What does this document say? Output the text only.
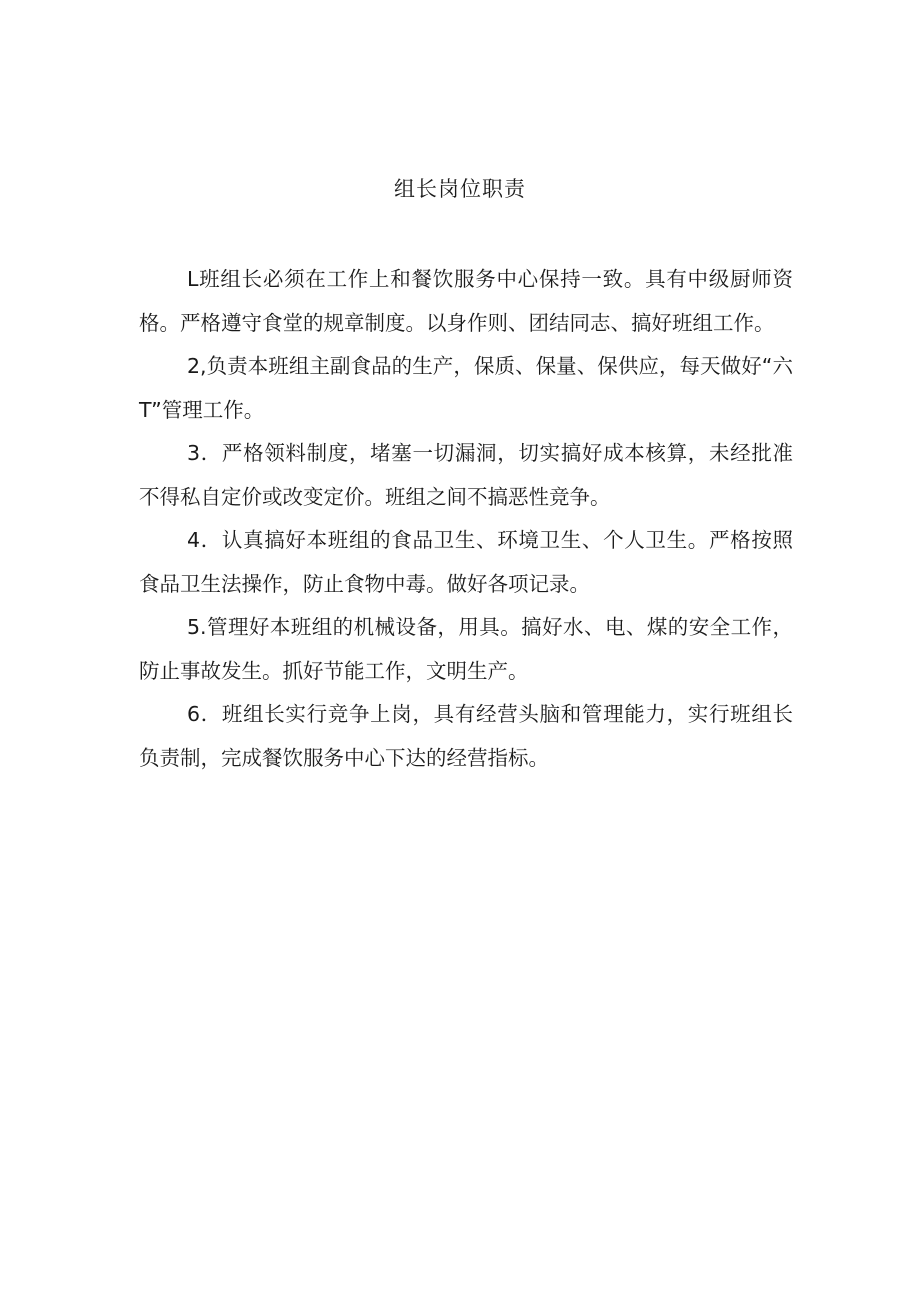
组长岗位职责

L班组长必须在工作上和餐饮服务中心保持一致。具有中级厨师资格。严格遵守食堂的规章制度。以身作则、团结同志、搞好班组工作。

2,负责本班组主副食品的生产，保质、保量、保供应，每天做好“六T”管理工作。

3．严格领料制度，堵塞一切漏洞，切实搞好成本核算，未经批准不得私自定价或改变定价。班组之间不搞恶性竞争。

4．认真搞好本班组的食品卫生、环境卫生、个人卫生。严格按照食品卫生法操作，防止食物中毒。做好各项记录。

5.管理好本班组的机械设备，用具。搞好水、电、煤的安全工作，防止事故发生。抓好节能工作，文明生产。

6．班组长实行竞争上岗，具有经营头脑和管理能力，实行班组长负责制，完成餐饮服务中心下达的经营指标。
